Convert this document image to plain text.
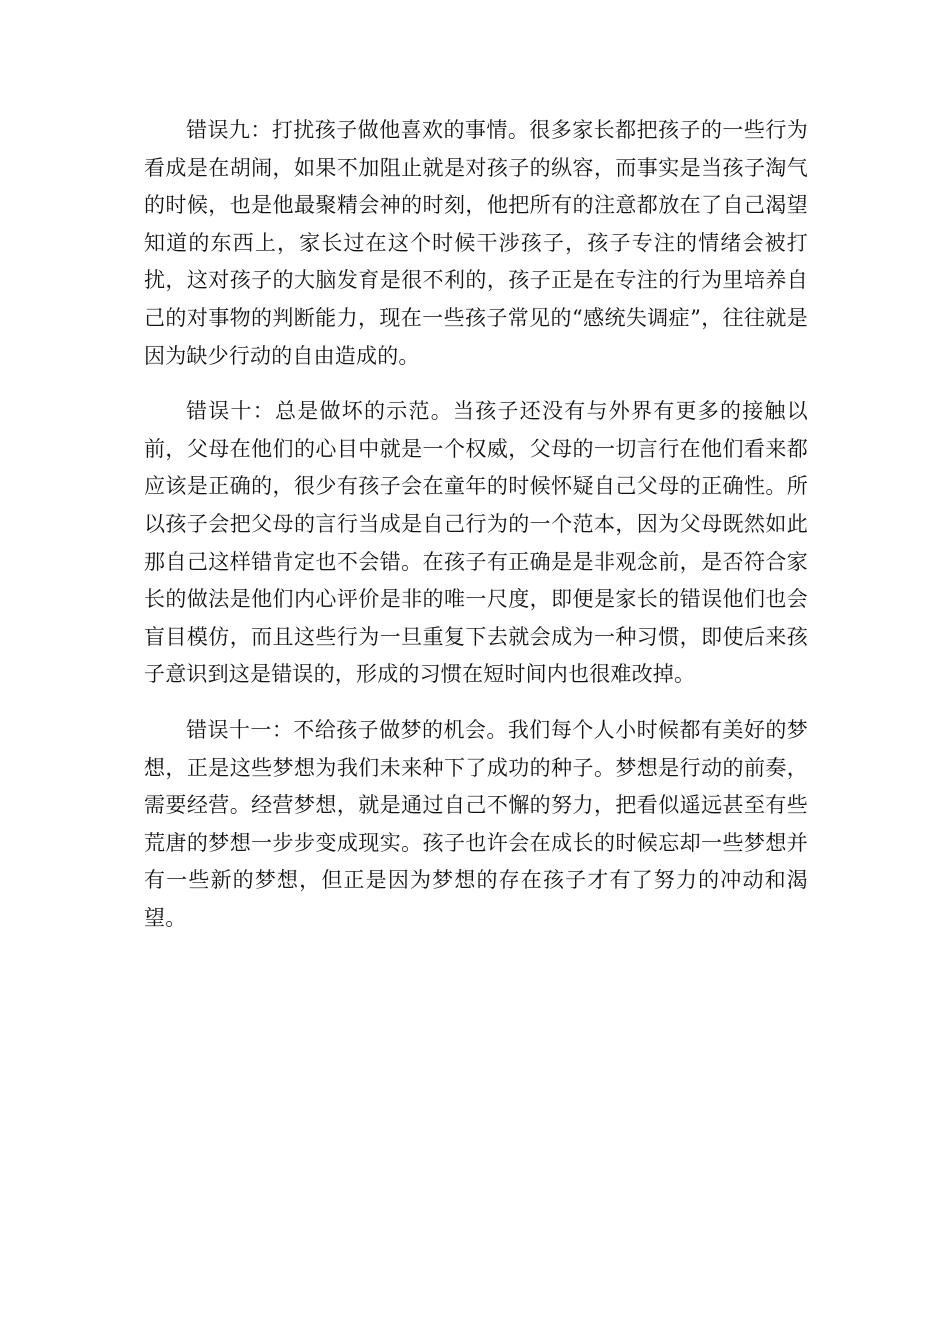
错误九：打扰孩子做他喜欢的事情。很多家长都把孩子的一些行为看成是在胡闹，如果不加阻止就是对孩子的纵容，而事实是当孩子淘气的时候，也是他最聚精会神的时刻，他把所有的注意都放在了自己渴望知道的东西上，家长过在这个时候干涉孩子，孩子专注的情绪会被打扰，这对孩子的大脑发育是很不利的，孩子正是在专注的行为里培养自己的对事物的判断能力，现在一些孩子常见的“感统失调症”，往往就是因为缺少行动的自由造成的。

错误十：总是做坏的示范。当孩子还没有与外界有更多的接触以前，父母在他们的心目中就是一个权威，父母的一切言行在他们看来都应该是正确的，很少有孩子会在童年的时候怀疑自己父母的正确性。所以孩子会把父母的言行当成是自己行为的一个范本，因为父母既然如此那自己这样错肯定也不会错。在孩子有正确是是非观念前，是否符合家长的做法是他们内心评价是非的唯一尺度，即便是家长的错误他们也会盲目模仿，而且这些行为一旦重复下去就会成为一种习惯，即使后来孩子意识到这是错误的，形成的习惯在短时间内也很难改掉。

错误十一：不给孩子做梦的机会。我们每个人小时候都有美好的梦想，正是这些梦想为我们未来种下了成功的种子。梦想是行动的前奏，需要经营。经营梦想，就是通过自己不懈的努力，把看似遥远甚至有些荒唐的梦想一步步变成现实。孩子也许会在成长的时候忘却一些梦想并有一些新的梦想，但正是因为梦想的存在孩子才有了努力的冲动和渴望。
